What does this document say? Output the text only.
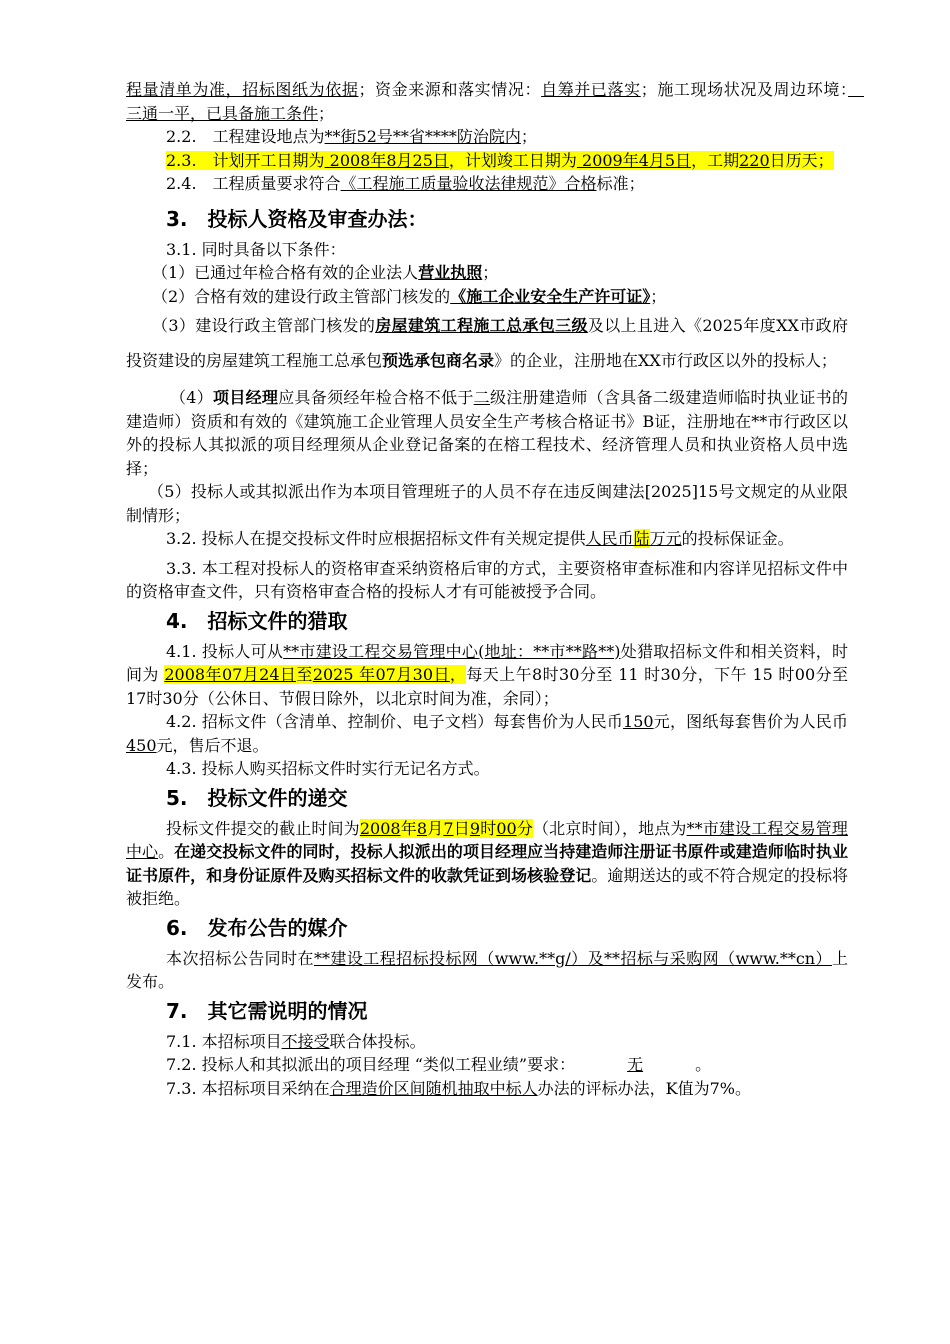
程量清单为准，招标图纸为依据；资金来源和落实情况：自筹并已落实；施工现场状况及周边环境：　三通一平，已具备施工条件；

2.2.　工程建设地点为**街52号**省****防治院内；

2.3.　计划开工日期为 2008年8月25日，计划竣工日期为 2009年4月5日，工期220日历天；

2.4.　工程质量要求符合《工程施工质量验收法律规范》合格标准；

3.　投标人资格及审查办法：

3.1. 同时具备以下条件：

（1）已通过年检合格有效的企业法人营业执照；

（2）合格有效的建设行政主管部门核发的《施工企业安全生产许可证》；

（3）建设行政主管部门核发的房屋建筑工程施工总承包三级及以上且进入《2025年度XX市政府投资建设的房屋建筑工程施工总承包预选承包商名录》的企业，注册地在XX市行政区以外的投标人；

（4）项目经理应具备须经年检合格不低于二级注册建造师（含具备二级建造师临时执业证书的建造师）资质和有效的《建筑施工企业管理人员安全生产考核合格证书》B证，注册地在**市行政区以外的投标人其拟派的项目经理须从企业登记备案的在榕工程技术、经济管理人员和执业资格人员中选择；

（5）投标人或其拟派出作为本项目管理班子的人员不存在违反闽建法[2025]15号文规定的从业限制情形；

3.2. 投标人在提交投标文件时应根据招标文件有关规定提供人民币陆万元的投标保证金。

3.3. 本工程对投标人的资格审查采纳资格后审的方式，主要资格审查标准和内容详见招标文件中的资格审查文件，只有资格审查合格的投标人才有可能被授予合同。

4.　招标文件的猎取

4.1. 投标人可从**市建设工程交易管理中心(地址：**市**路**)处猎取招标文件和相关资料，时间为 2008年07月24日至2025 年07月30日，每天上午8时30分至 11 时30分，下午 15 时00分至17时30分（公休日、节假日除外，以北京时间为准，余同）；

4.2. 招标文件（含清单、控制价、电子文档）每套售价为人民币150元，图纸每套售价为人民币450元，售后不退。

4.3. 投标人购买招标文件时实行无记名方式。

5.　投标文件的递交

投标文件提交的截止时间为2008年8月7日9时00分（北京时间），地点为**市建设工程交易管理中心。在递交投标文件的同时，投标人拟派出的项目经理应当持建造师注册证书原件或建造师临时执业证书原件，和身份证原件及购买招标文件的收款凭证到场核验登记。逾期送达的或不符合规定的投标将被拒绝。

6.　发布公告的媒介

本次招标公告同时在**建设工程招标投标网（www.**g/）及**招标与采购网（www.**cn）上发布。

7.　其它需说明的情况

7.1. 本招标项目不接受联合体投标。

7.2. 投标人和其拟派出的项目经理 “类似工程业绩”要求：	无	。

7.3. 本招标项目采纳在合理造价区间随机抽取中标人办法的评标办法，K值为7%。
